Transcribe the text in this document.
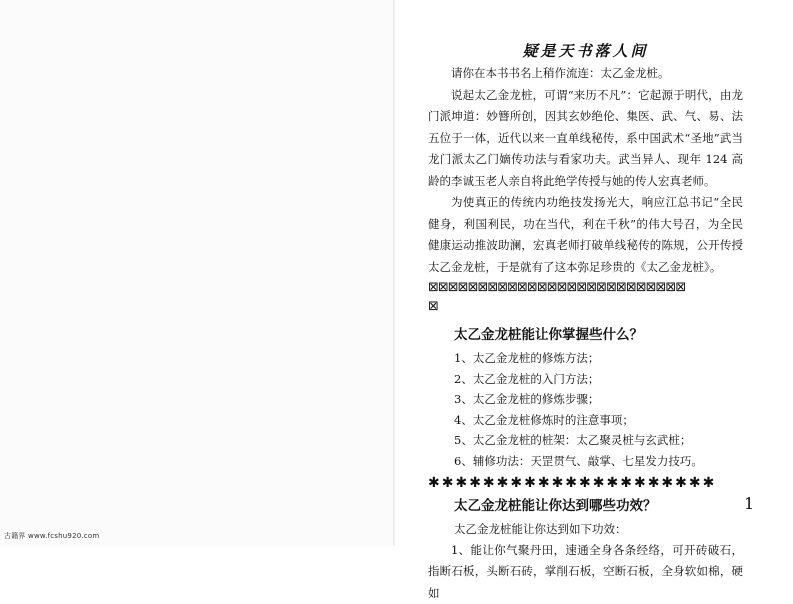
疑是天书落人间

请你在本书书名上稍作流连：太乙金龙桩。

说起太乙金龙桩，可谓“来历不凡”：它起源于明代，由龙门派坤道：妙簪所创，因其玄妙绝伦、集医、武、气、易、法五位于一体，近代以来一直单线秘传，系中国武术“圣地”武当龙门派太乙门嫡传功法与看家功夫。武当异人、现年 124 高龄的李诚玉老人亲自将此绝学传授与她的传人宏真老师。

为使真正的传统内功绝技发扬光大，响应江总书记“全民健身，利国利民，功在当代，利在千秋”的伟大号召，为全民健康运动推波助澜，宏真老师打破单线秘传的陈规，公开传授太乙金龙桩，于是就有了这本弥足珍贵的《太乙金龙桩》。

⊠⊠⊠⊠⊠⊠⊠⊠⊠⊠⊠⊠⊠⊠⊠⊠⊠⊠⊠⊠⊠⊠⊠⊠⊠⊠
⊠
太乙金龙桩能让你掌握些什么？
1、太乙金龙桩的修炼方法；
2、太乙金龙桩的入门方法；
3、太乙金龙桩的修炼步骤；
4、太乙金龙桩修炼时的注意事项；
5、太乙金龙桩的桩架：太乙聚灵桩与玄武桩；
6、辅修功法：天罡贯气、敲掌、七星发力技巧。
✱✱✱✱✱✱✱✱✱✱✱✱✱✱✱✱✱✱✱✱✱
太乙金龙桩能让你达到哪些功效？
太乙金龙桩能让你达到如下功效：

1、能让你气聚丹田，速通全身各条经络，可开砖破石，指断石板，头断石砖，掌削石板，空断石板，全身软如棉，硬如

1
古籍界 www.fcshu920.com
